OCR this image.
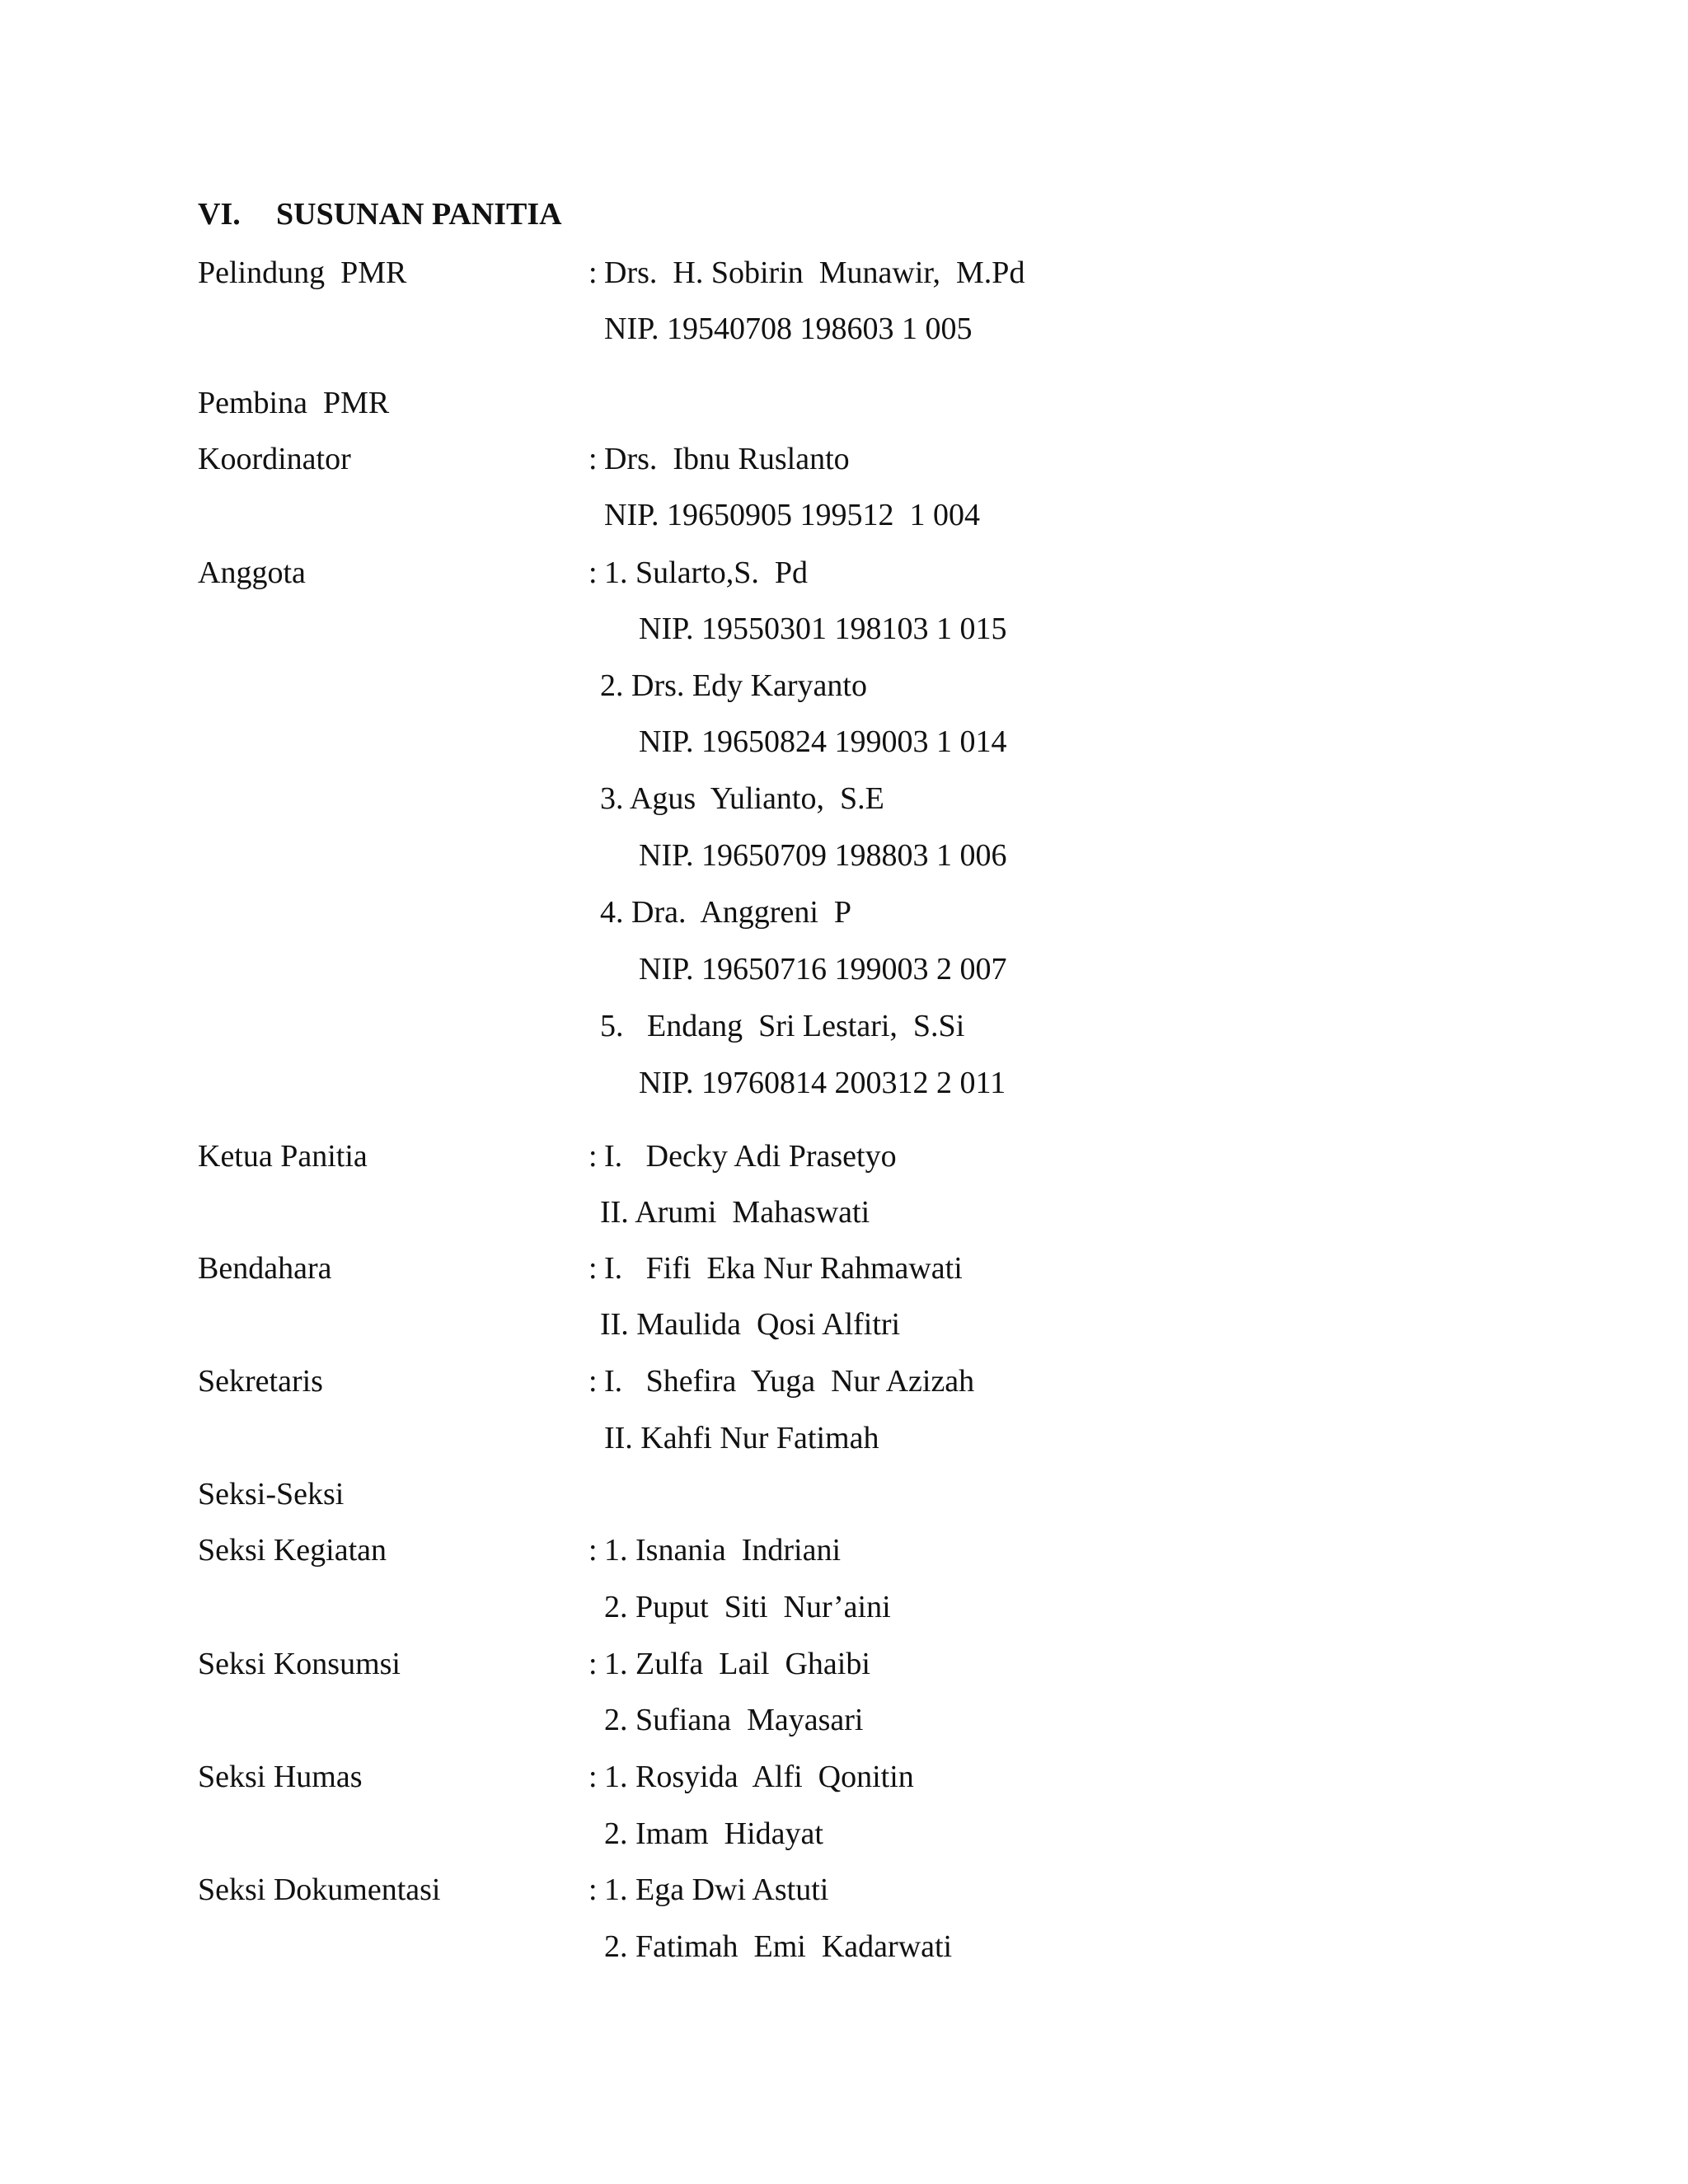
VI. SUSUNAN PANITIA
Pelindung  PMR	: Drs.  H. Sobirin  Munawir,  M.Pd
NIP. 19540708 198603 1 005
Pembina  PMR
Koordinator	: Drs.  Ibnu Ruslanto
NIP. 19650905 199512  1 004
Anggota	: 1. Sularto,S.  Pd
NIP. 19550301 198103 1 015
2. Drs. Edy Karyanto
NIP. 19650824 199003 1 014
3. Agus  Yulianto,  S.E
NIP. 19650709 198803 1 006
4. Dra.  Anggreni  P
NIP. 19650716 199003 2 007
5.   Endang  Sri Lestari,  S.Si
NIP. 19760814 200312 2 011
Ketua Panitia	: I.   Decky Adi Prasetyo
II. Arumi  Mahaswati
Bendahara	: I.   Fifi  Eka Nur Rahmawati
II. Maulida  Qosi Alfitri
Sekretaris	: I.   Shefira  Yuga  Nur Azizah
II. Kahfi Nur Fatimah
Seksi-Seksi
Seksi Kegiatan	: 1. Isnania  Indriani
2. Puput  Siti  Nur’aini
Seksi Konsumsi	: 1. Zulfa  Lail  Ghaibi
2. Sufiana  Mayasari
Seksi Humas	: 1. Rosyida  Alfi  Qonitin
2. Imam  Hidayat
Seksi Dokumentasi	: 1. Ega Dwi Astuti
2. Fatimah  Emi  Kadarwati
